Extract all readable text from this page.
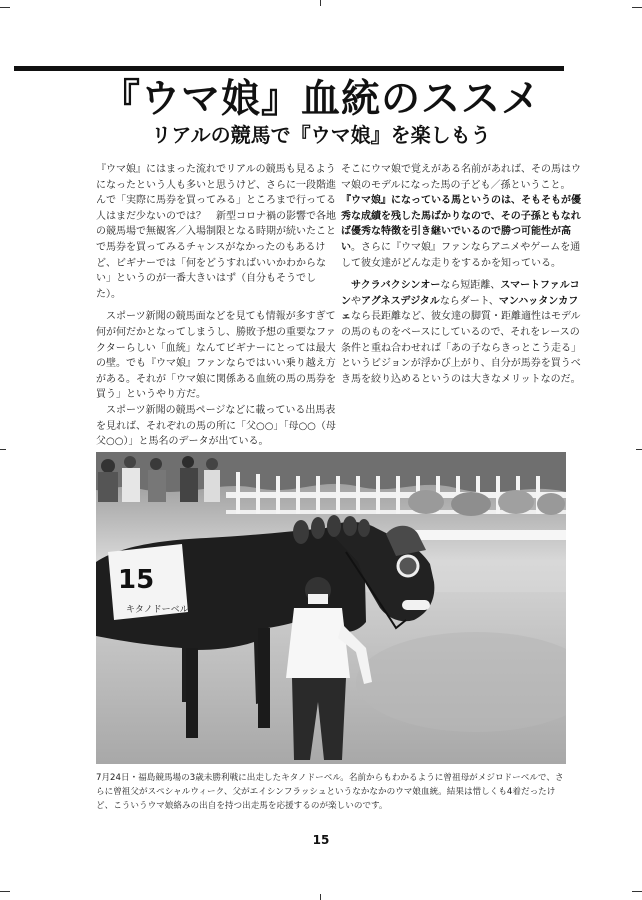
『ウマ娘』血統のススメ
リアルの競馬で『ウマ娘』を楽しもう

『ウマ娘』にはまった流れでリアルの競馬も見るようになったという人も多いと思うけど、さらに一段階進んで「実際に馬券を買ってみる」ところまで行ってる人はまだ少ないのでは？　新型コロナ禍の影響で各地の競馬場で無観客／入場制限となる時期が続いたことで馬券を買ってみるチャンスがなかったのもあるけど、ビギナーでは「何をどうすればいいかわからない」というのが一番大きいはず（自分もそうでした）。

スポーツ新聞の競馬面などを見ても情報が多すぎて何が何だかとなってしまうし、勝敗予想の重要なファクターらしい「血統」なんてビギナーにとっては最大の壁。でも『ウマ娘』ファンならではいい乗り越え方がある。それが「ウマ娘に関係ある血統の馬の馬券を買う」というやり方だ。

スポーツ新聞の競馬ページなどに載っている出馬表を見れば、それぞれの馬の所に「父○○」「母○○（母父○○）」と馬名のデータが出ている。

そこにウマ娘で覚えがある名前があれば、その馬はウマ娘のモデルになった馬の子ども／孫ということ。『ウマ娘』になっている馬というのは、そもそもが優秀な成績を残した馬ばかりなので、その子孫ともなれば優秀な特徴を引き継いでいるので勝つ可能性が高い。さらに『ウマ娘』ファンならアニメやゲームを通して彼女達がどんな走りをするかを知っている。

サクラバクシンオーなら短距離、スマートファルコンやアグネスデジタルならダート、マンハッタンカフェなら長距離など、彼女達の脚質・距離適性はモデルの馬のものをベースにしているので、それをレースの条件と重ね合わせれば「あの子ならきっとこう走る」というビジョンが浮かび上がり、自分が馬券を買うべき馬を絞り込めるというのは大きなメリットなのだ。

15
キタノドーベル
7月24日・福島競馬場の3歳未勝利戦に出走したキタノドーベル。名前からもわかるように曾祖母がメジロドーベルで、さらに曾祖父がスペシャルウィーク、父がエイシンフラッシュというなかなかのウマ娘血統。結果は惜しくも4着だったけど、こういうウマ娘絡みの出自を持つ出走馬を応援するのが楽しいのです。
15
